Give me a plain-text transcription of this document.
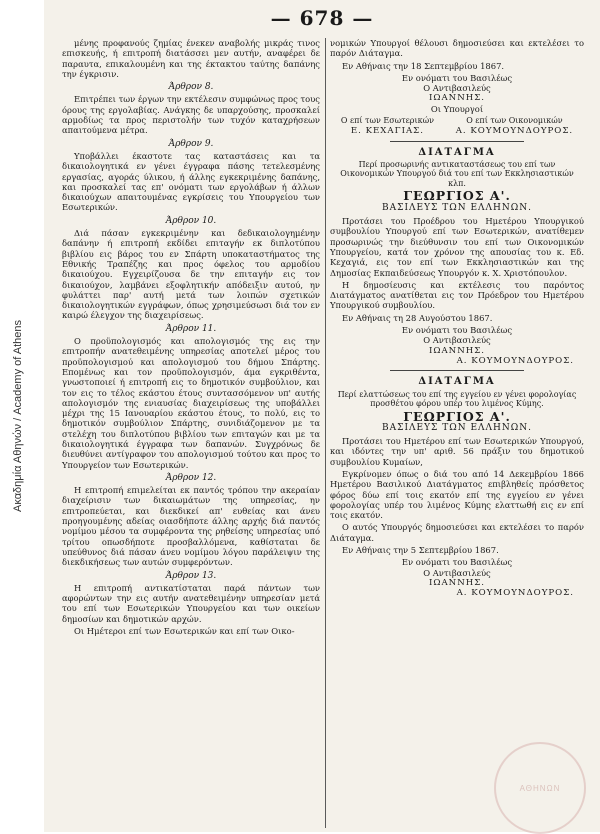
Ακαδημία Αθηνών / Academy of Athens
— 678 —
μένης προφανούς ζημίας ένεκεν αναβολής μικράς τινος επισκευής, ή επιτροπή διατάσσει μεν αυτήν, αναφέρει δε παραυτα, επικαλουμένη και της έκτακτου ταύτης δαπάνης την έγκρισιν.
Άρθρον 8.
Επιτρέπει των έργων την εκτέλεσιν συμφώνως προς τους όρους της εργολαβίας. Ανάγκης δε υπαρχούσης, προσκαλεί αρμοδίως τα προς περιστολήν των τυχόν καταχρήσεων απαιτούμενα μέτρα.
Άρθρον 9.
Υποβάλλει έκαστοτε τας καταστάσεις και τα δικαιολογητικά εν γένει έγγραφα πάσης τετελεσμένης εργασίας, αγοράς ύλικου, ή άλλης εγκεκριμένης δαπάνης, και προσκαλεί τας επ' ονόματι των εργολάβων ή άλλων δικαιούχων απαιτουμένας εγκρίσεις του Υπουργείου των Εσωτερικών.
Άρθρον 10.
Διά πάσαν εγκεκριμένην και δεδικαιολογημένην δαπάνην ή επιτροπή εκδίδει επιταγήν εκ διπλοτύπου βιβλίου εις βάρος του εν Σπάρτη υποκαταστήματος της Εθνικής Τραπέζης και προς όφελος του αρμοδίου δικαιούχου. Εγχειρίζουσα δε την επιταγήν εις τον δικαιούχον, λαμβάνει εξοφλητικήν απόδειξιν αυτού, ην φυλάττει παρ' αυτή μετά των λοιπών σχετικών δικαιολογητικών εγγράφων, όπως χρησιμεύσωσι διά τον εν καιρώ έλεγχον της διαχειρίσεως.
Άρθρον 11.
Ο προϋπολογισμός και απολογισμός της εις την επιτροπήν ανατεθειμένης υπηρεσίας αποτελεί μέρος του προϋπολογισμού και απολογισμού του δήμου Σπάρτης. Επομένως και τον προϋπολογισμόν, άμα εγκριθέντα, γνωστοποιεί ή επιτροπή εις το δημοτικόν συμβούλιον, και τον εις το τέλος εκάστου έτους συντασσόμενον υπ' αυτής απολογισμόν της ενιαυσίας διαχειρίσεως της υποβάλλει μέχρι της 15 Ιανουαρίου εκάστου έτους, το πολύ, εις το δημοτικόν συμβούλιον Σπάρτης, συνιδιάζομενον με τα στελέχη του διπλοτύπου βιβλίου των επιταγών και με τα δικαιολογητικά έγγραφα των δαπανών. Συγχρόνως δε διευθύνει αντίγραφον του απολογισμού τούτου και προς το Υπουργείον των Εσωτερικών.
Άρθρον 12.
Η επιτροπή επιμελείται εκ παντός τρόπου την ακεραίαν διαχείρισιν των δικαιωμάτων της υπηρεσίας, ην επιτροπεύεται, και διεκδικεί απ' ευθείας και άνευ προηγουμένης αδείας οιασδήποτε άλλης αρχής διά παντός νομίμου μέσου τα συμφέροντα της ρηθείσης υπηρεσίας υπό τρίτου οπωσδήποτε προσβαλλόμενα, καθίσταται δε υπεύθυνος διά πάσαν άνευ νομίμου λόγου παράλειψιν της διεκδικήσεως των αυτών συμφερόντων.
Άρθρον 13.
Η επιτροπή αντικατίσταται παρά πάντων των αφορώντων την εις αυτήν ανατεθειμένην υπηρεσίαν μετά του επί των Εσωτερικών Υπουργείου και των οικείων δημοσίων και δημοτικών αρχών.
Οι Ημέτεροι επί των Εσωτερικών και επί των Οικο-
νομικών Υπουργοί θέλουσι δημοσιεύσει και εκτελέσει το παρόν Διάταγμα.
Εν Αθήναις την 18 Σεπτεμβρίου 1867.
Εν ονόματι του Βασιλέως
Ο Αντιβασιλεύς
ΙΩΑΝΝΗΣ.
Οι Υπουργοί
Ο επί των Εσωτερικών
Ε. ΚΕΧΑΓΙΑΣ.
Ο επί των Οικονομικών
Α. ΚΟΥΜΟΥΝΔΟΥΡΟΣ.
ΔΙΑΤΑΓΜΑ
Περί προσωρινής αντικαταστάσεως του επί των Οικονομικών Υπουργού διά του επί των Εκκλησιαστικών κλπ.
ΓΕΩΡΓΙΟΣ Α'.
ΒΑΣΙΛΕΥΣ ΤΩΝ ΕΛΛΗΝΩΝ.
Προτάσει του Προέδρου του Ημετέρου Υπουργικού συμβουλίου Υπουργού επί των Εσωτερικών, ανατίθεμεν προσωρινώς την διεύθυνσιν του επί των Οικονομικών Υπουργείου, κατά τον χρόνον της απουσίας του κ. Εδ. Κεχαγιά, εις τον επί των Εκκλησιαστικών και της Δημοσίας Εκπαιδεύσεως Υπουργόν κ. Χ. Χριστόπουλον.
Η δημοσίευσις και εκτέλεσις του παρόντος Διατάγματος ανατίθεται εις τον Πρόεδρον του Ημετέρου Υπουργικού συμβουλίου.
Εν Αθήναις τη 28 Αυγούστου 1867.
Εν ονόματι του Βασιλέως
Ο Αντιβασιλεύς
ΙΩΑΝΝΗΣ.
Α. ΚΟΥΜΟΥΝΔΟΥΡΟΣ.
ΔΙΑΤΑΓΜΑ
Περί ελαττώσεως του επί της εγγείου εν γένει φορολογίας προσθέτου φόρου υπέρ του λιμένος Κύμης.
ΓΕΩΡΓΙΟΣ Α'.
ΒΑΣΙΛΕΥΣ ΤΩΝ ΕΛΛΗΝΩΝ.
Προτάσει του Ημετέρου επί των Εσωτερικών Υπουργού, και ιδόντες την υπ' αριθ. 56 πράξιν του δημοτικού συμβουλίου Κυμαίων,
Εγκρίνομεν όπως ο διά του από 14 Δεκεμβρίου 1866 Ημετέρου Βασιλικού Διατάγματος επιβληθείς πρόσθετος φόρος δύω επί τοις εκατόν επί της εγγείου εν γένει φορολογίας υπέρ του λιμένος Κύμης ελαττωθή εις εν επί τοις εκατόν.
Ο αυτός Υπουργός δημοσιεύσει και εκτελέσει το παρόν Διάταγμα.
Εν Αθήναις την 5 Σεπτεμβρίου 1867.
Εν ονόματι του Βασιλέως
Ο Αντιβασιλεύς
ΙΩΑΝΝΗΣ.
Α. ΚΟΥΜΟΥΝΔΟΥΡΟΣ.
ΑΘΗΝΩΝ
